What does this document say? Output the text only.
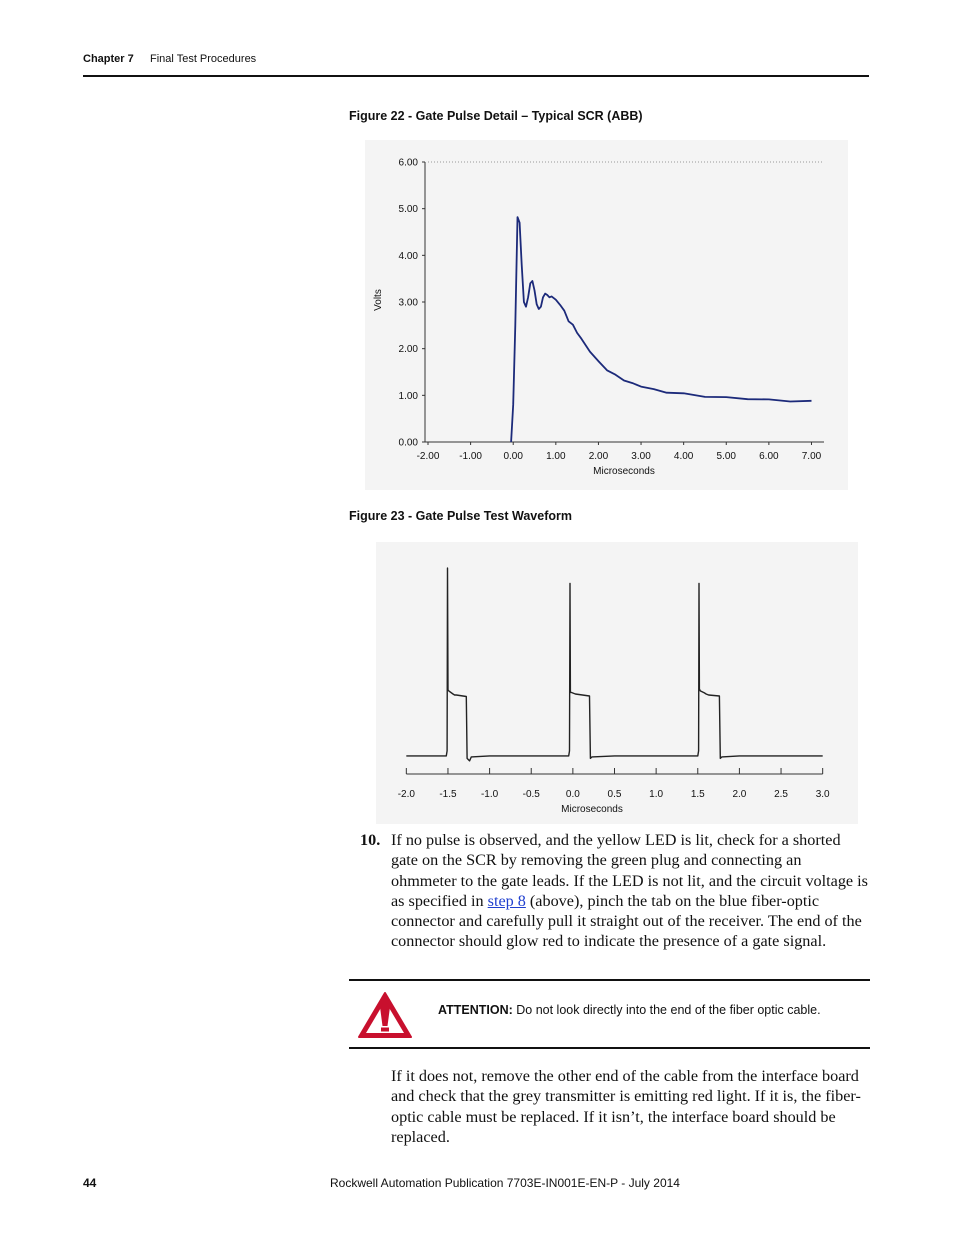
Chapter 7 Final Test Procedures
Figure 22 - Gate Pulse Detail – Typical SCR (ABB)
0.00
1.00
2.00
3.00
4.00
5.00
6.00
-2.00 -1.00 0.00 1.00 2.00 3.00 4.00 5.00 6.00 7.00
Microseconds
Volts
Figure 23 - Gate Pulse Test Waveform
-2.0 -1.5 -1.0 -0.5	0.0	0.5	1.0	1.5	2.0	2.5	3.0
Microseconds
10. If no pulse is observed, and the yellow LED is lit, check for a shorted gate on the SCR by removing the green plug and connecting an ohmmeter to the gate leads. If the LED is not lit, and the circuit voltage is as specified in step 8 (above), pinch the tab on the blue fiber-optic connector and carefully pull it straight out of the receiver. The end of the connector should glow red to indicate the presence of a gate signal.
ATTENTION: Do not look directly into the end of the fiber optic cable.
If it does not, remove the other end of the cable from the interface board and check that the grey transmitter is emitting red light. If it is, the fiber-optic cable must be replaced. If it isn’t, the interface board should be replaced.
44	Rockwell Automation Publication 7703E-IN001E-EN-P - July 2014
